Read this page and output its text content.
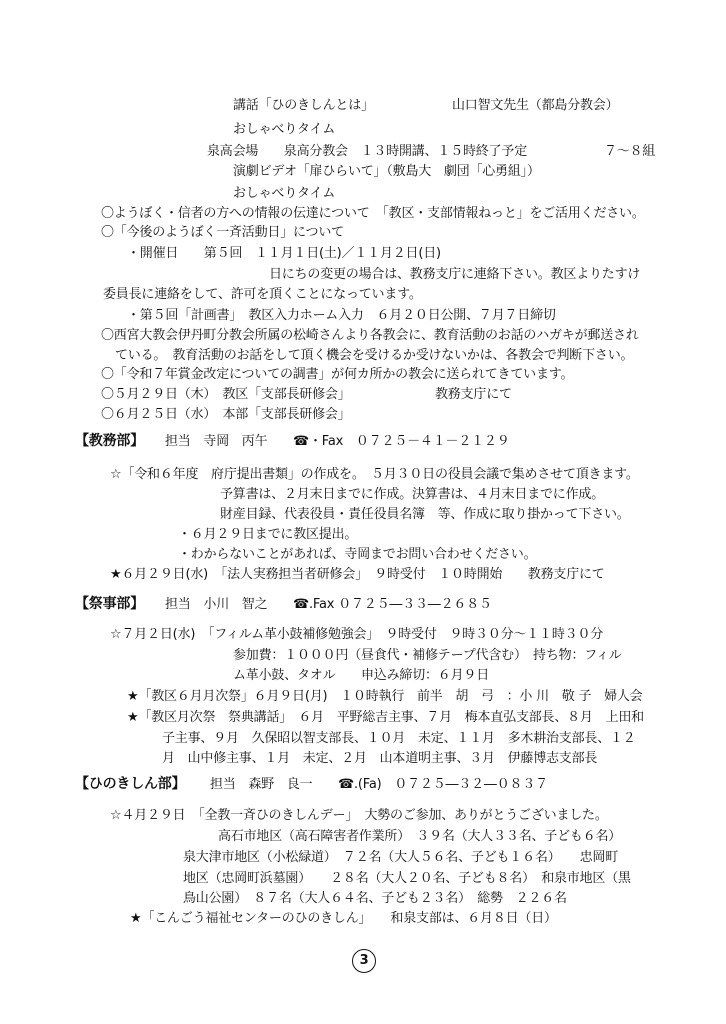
講話「ひのきしんとは」	山口智文先生（都島分教会）
おしゃべりタイム
泉高会場　　泉高分教会　１３時開講、１５時終了予定	７～８組
演劇ビデオ「扉ひらいて」（敷島大　劇団「心勇組」）
おしゃべりタイム
〇ようぼく・信者の方への情報の伝達について　「教区・支部情報ねっと」をご活用ください。
〇「今後のようぼく一斉活動日」について
・開催日　　第５回　１１月１日(土)／１１月２日(日)
日にちの変更の場合は、教務支庁に連絡下さい。教区よりたすけ
委員長に連絡をして、許可を頂くことになっています。
・第５回「計画書」　教区入力ホーム入力　６月２０日公開、７月７日締切
〇西宮大教会伊丹町分教会所属の松崎さんより各教会に、教育活動のお話のハガキが郵送され
ている。　教育活動のお話をして頂く機会を受けるか受けないかは、各教会で判断下さい。
〇「令和７年賞金改定についての調書」が何カ所かの教会に送られてきています。
〇５月２９日（木）　教区「支部長研修会」	教務支庁にて
〇６月２５日（水）　本部「支部長研修会」
【教務部】 担当　寺岡　丙午　　☎・Fax　０７２５－４１－２１２９
☆「令和６年度　府庁提出書類」の作成を。　５月３０日の役員会議で集めさせて頂きます。
予算書は、２月末日までに作成。決算書は、４月末日までに作成。
財産目録、代表役員・責任役員名簿　等、作成に取り掛かって下さい。
・６月２９日までに教区提出。
・わからないことがあれば、寺岡までお問い合わせください。
★６月２９日(水)　「法人実務担当者研修会」　９時受付　１０時開始　　教務支庁にて
【祭事部】 担当　小川　智之　　☎.Fax ０７２５―３３―２６８５
☆７月２日(水)　「フィルム革小鼓補修勉強会」　９時受付　９時３０分～１１時３０分
参加費：１０００円（昼食代・補修テープ代含む）　持ち物：フィル
ム革小鼓、タオル　　申込み締切：６月９日
★「教区６月月次祭」６月９日(月)　１０時執行　前半　胡　弓　：小 川　敬 子　婦人会
★「教区月次祭　祭典講話」　６月　平野総吉主事、７月　梅本直弘支部長、８月　上田和
子主事、９月　久保昭以智支部長、１０月　未定、１１月　多木耕治支部長、１２
月　山中修主事、１月　未定、２月　山本道明主事、３月　伊藤博志支部長
【ひのきしん部】 担当　森野　良一　　☎.(Fa)　０７２５―３２―０８３７
☆４月２９日　「全教一斉ひのきしんデー」　大勢のご参加、ありがとうございました。
高石市地区（高石障害者作業所）　３９名（大人３３名、子ども６名）
泉大津市地区（小松緑道）　７２名（大人５６名、子ども１６名）　　忠岡町
地区（忠岡町浜墓園）　　２８名（大人２０名、子ども８名）　和泉市地区（黒
鳥山公園）　８７名（大人６４名、子ども２３名）　総勢　２２６名
★「こんごう福祉センターのひのきしん」　　和泉支部は、６月８日（日）
3
